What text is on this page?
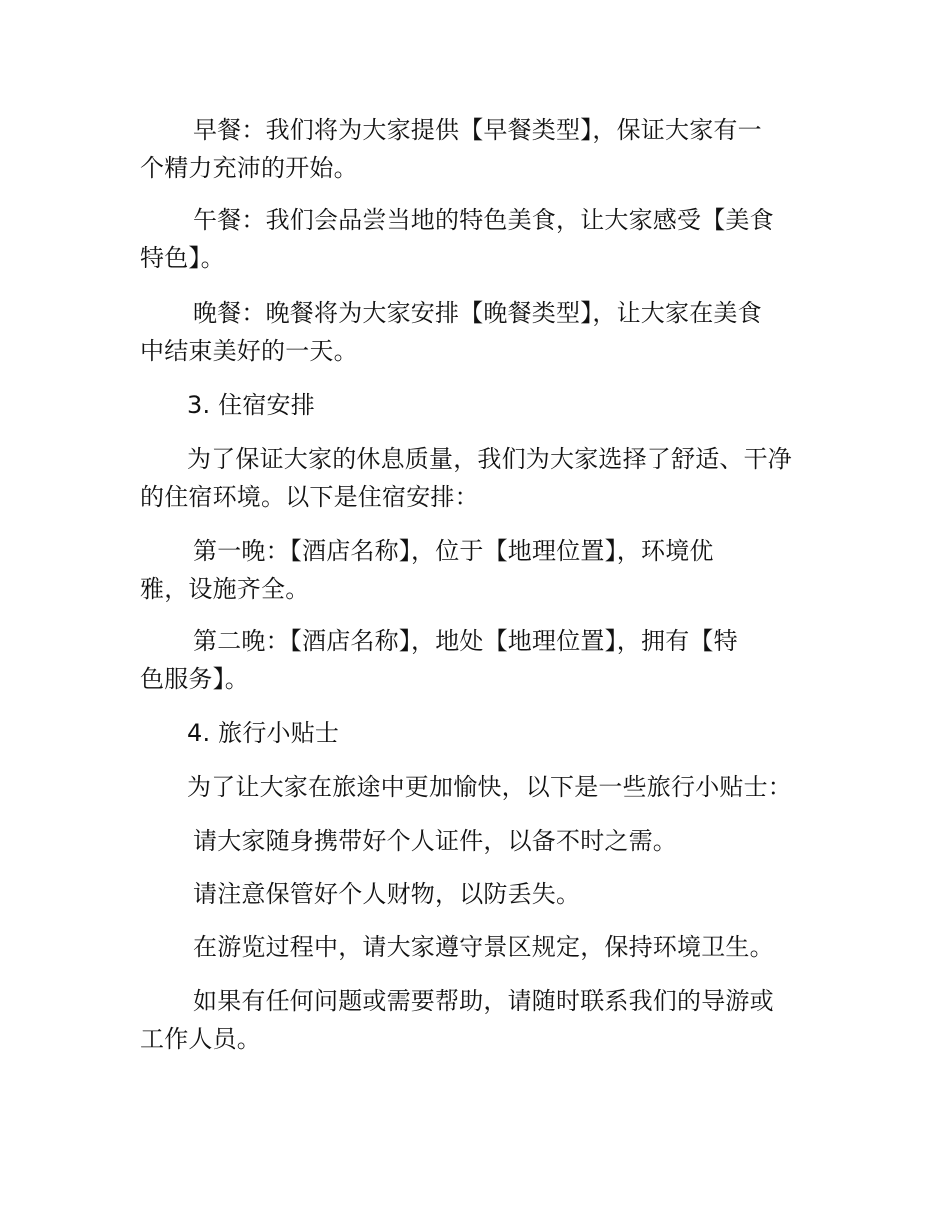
早餐：我们将为大家提供【早餐类型】，保证大家有一
个精力充沛的开始。
午餐：我们会品尝当地的特色美食，让大家感受【美食
特色】。
晚餐：晚餐将为大家安排【晚餐类型】，让大家在美食
中结束美好的一天。
3. 住宿安排
为了保证大家的休息质量，我们为大家选择了舒适、干净
的住宿环境。以下是住宿安排：
第一晚：【酒店名称】，位于【地理位置】，环境优
雅，设施齐全。
第二晚：【酒店名称】，地处【地理位置】，拥有【特
色服务】。
4. 旅行小贴士
为了让大家在旅途中更加愉快，以下是一些旅行小贴士：
请大家随身携带好个人证件，以备不时之需。
请注意保管好个人财物，以防丢失。
在游览过程中，请大家遵守景区规定，保持环境卫生。
如果有任何问题或需要帮助，请随时联系我们的导游或
工作人员。
